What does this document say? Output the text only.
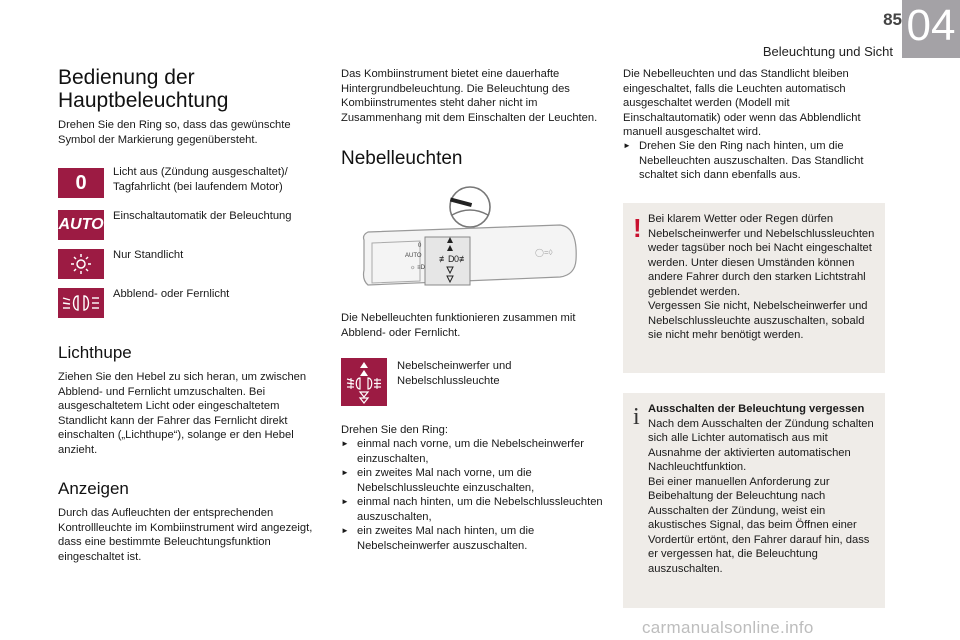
85 04
Beleuchtung und Sicht
Bedienung der Hauptbeleuchtung
Drehen Sie den Ring so, dass das gewünschte Symbol der Markierung gegenübersteht.
0 Licht aus (Zündung ausgeschaltet)/ Tagfahrlicht (bei laufendem Motor)
AUTO Einschaltautomatik der Beleuchtung
Nur Standlicht
Abblend- oder Fernlicht
Lichthupe
Ziehen Sie den Hebel zu sich heran, um zwischen Abblend- und Fernlicht umzuschalten. Bei ausgeschaltetem Licht oder eingeschaltetem Standlicht kann der Fahrer das Fernlicht direkt einschalten („Lichthupe“), solange er den Hebel anzieht.
Anzeigen
Durch das Aufleuchten der entsprechenden Kontrollleuchte im Kombiinstrument wird angezeigt, dass eine bestimmte Beleuchtungsfunktion eingeschaltet ist.
Das Kombiinstrument bietet eine dauerhafte Hintergrundbeleuchtung. Die Beleuchtung des Kombiinstrumentes steht daher nicht im Zusammenhang mit dem Einschalten der Leuchten.
Nebelleuchten
≢D 0≢
AUTO
☼ ≡D
◯=◊
0
Die Nebelleuchten funktionieren zusammen mit Abblend- oder Fernlicht.
Nebelscheinwerfer und Nebelschlussleuchte
Drehen Sie den Ring:
► einmal nach vorne, um die Nebelscheinwerfer einzuschalten,
► ein zweites Mal nach vorne, um die Nebelschlussleuchte einzuschalten,
► einmal nach hinten, um die Nebelschlussleuchten auszuschalten,
► ein zweites Mal nach hinten, um die Nebelscheinwerfer auszuschalten.
Die Nebelleuchten und das Standlicht bleiben eingeschaltet, falls die Leuchten automatisch ausgeschaltet werden (Modell mit Einschaltautomatik) oder wenn das Abblendlicht manuell ausgeschaltet wird.
► Drehen Sie den Ring nach hinten, um die Nebelleuchten auszuschalten. Das Standlicht schaltet sich dann ebenfalls aus.
! Bei klarem Wetter oder Regen dürfen Nebelscheinwerfer und Nebelschlussleuchten weder tagsüber noch bei Nacht eingeschaltet werden. Unter diesen Umständen können andere Fahrer durch den starken Lichtstrahl geblendet werden.
Vergessen Sie nicht, Nebelscheinwerfer und Nebelschlussleuchte auszuschalten, sobald sie nicht mehr benötigt werden.
i Ausschalten der Beleuchtung vergessen
Nach dem Ausschalten der Zündung schalten sich alle Lichter automatisch aus mit Ausnahme der aktivierten automatischen Nachleuchtfunktion.
Bei einer manuellen Anforderung zur Beibehaltung der Beleuchtung nach Ausschalten der Zündung, weist ein akustisches Signal, das beim Öffnen einer Vordertür ertönt, den Fahrer darauf hin, dass er vergessen hat, die Beleuchtung auszuschalten.
carmanualsonline.info
